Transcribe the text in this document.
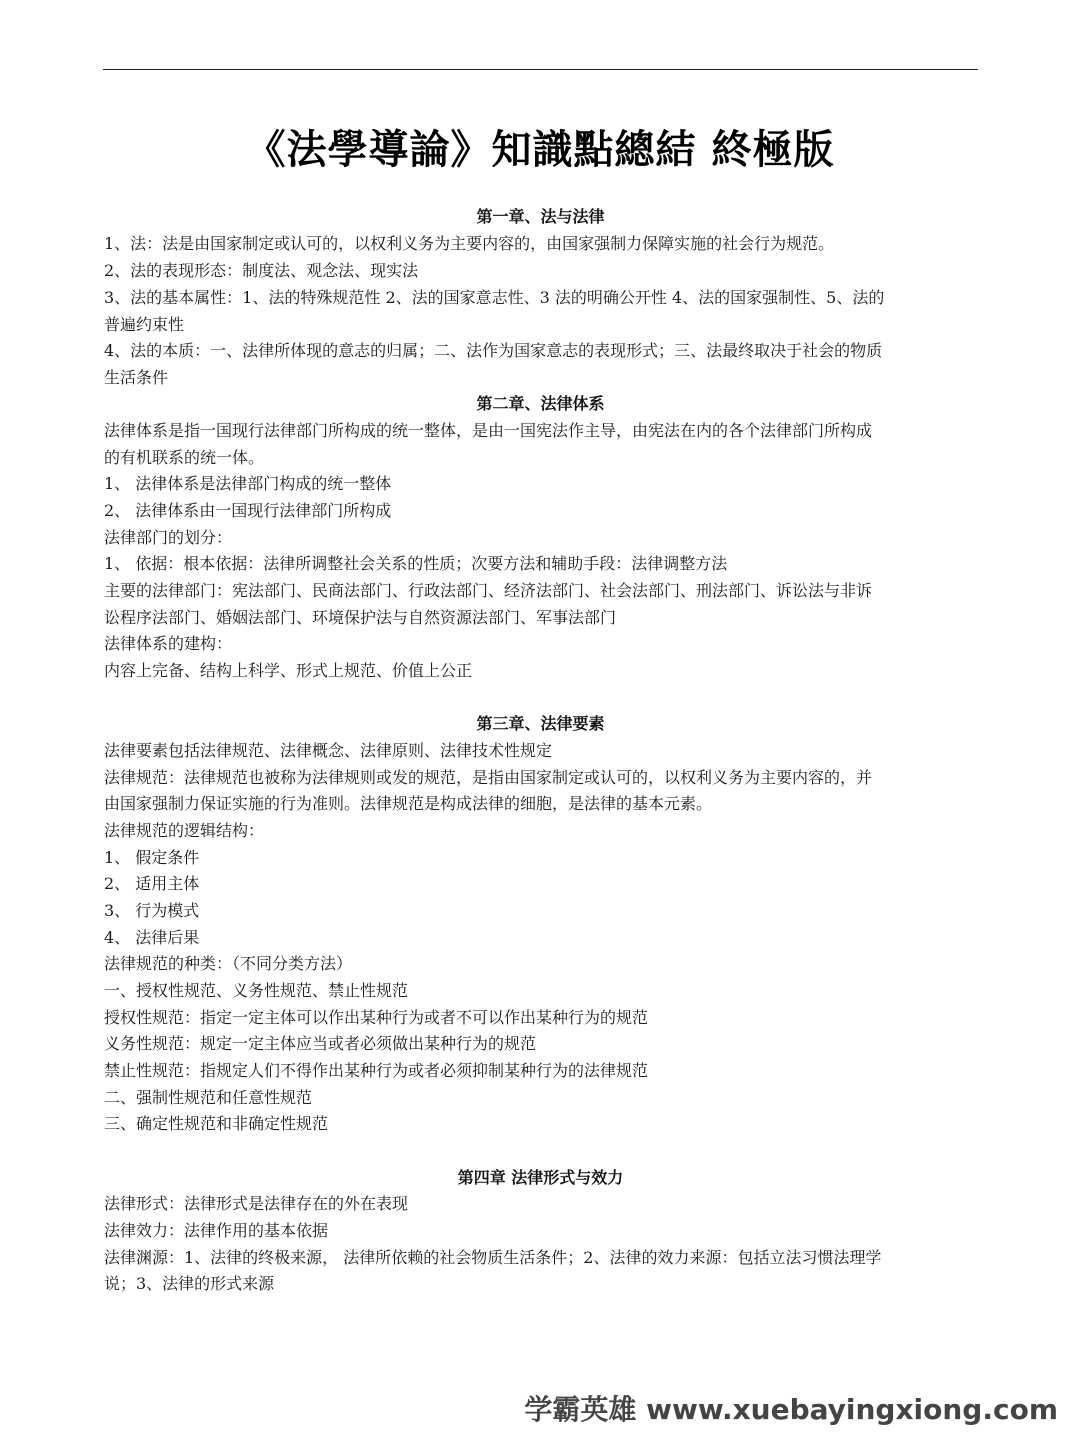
《法學導論》知識點總結 終極版
第一章、法与法律
1、法：法是由国家制定或认可的，以权利义务为主要内容的，由国家强制力保障实施的社会行为规范。
2、法的表现形态：制度法、观念法、现实法
3、法的基本属性：1、法的特殊规范性 2、法的国家意志性、3 法的明确公开性 4、法的国家强制性、5、法的
普遍约束性
4、法的本质：一、法律所体现的意志的归属；二、法作为国家意志的表现形式；三、法最终取决于社会的物质
生活条件
第二章、法律体系
法律体系是指一国现行法律部门所构成的统一整体，是由一国宪法作主导，由宪法在内的各个法律部门所构成
的有机联系的统一体。
1、 法律体系是法律部门构成的统一整体
2、 法律体系由一国现行法律部门所构成
法律部门的划分：
1、 依据：根本依据：法律所调整社会关系的性质；次要方法和辅助手段：法律调整方法
主要的法律部门：宪法部门、民商法部门、行政法部门、经济法部门、社会法部门、刑法部门、诉讼法与非诉
讼程序法部门、婚姻法部门、环境保护法与自然资源法部门、军事法部门
法律体系的建构：
内容上完备、结构上科学、形式上规范、价值上公正
第三章、法律要素
法律要素包括法律规范、法律概念、法律原则、法律技术性规定
法律规范：法律规范也被称为法律规则或发的规范，是指由国家制定或认可的，以权利义务为主要内容的，并
由国家强制力保证实施的行为准则。法律规范是构成法律的细胞，是法律的基本元素。
法律规范的逻辑结构：
1、 假定条件
2、 适用主体
3、 行为模式
4、 法律后果
法律规范的种类：（不同分类方法）
一、授权性规范、义务性规范、禁止性规范
授权性规范：指定一定主体可以作出某种行为或者不可以作出某种行为的规范
义务性规范：规定一定主体应当或者必须做出某种行为的规范
禁止性规范：指规定人们不得作出某种行为或者必须抑制某种行为的法律规范
二、强制性规范和任意性规范
三、确定性规范和非确定性规范
第四章 法律形式与效力
法律形式：法律形式是法律存在的外在表现
法律效力：法律作用的基本依据
法律渊源：1、法律的终极来源， 法律所依赖的社会物质生活条件；2、法律的效力来源：包括立法习惯法理学
说；3、法律的形式来源
学霸英雄 www.xuebayingxiong.com
